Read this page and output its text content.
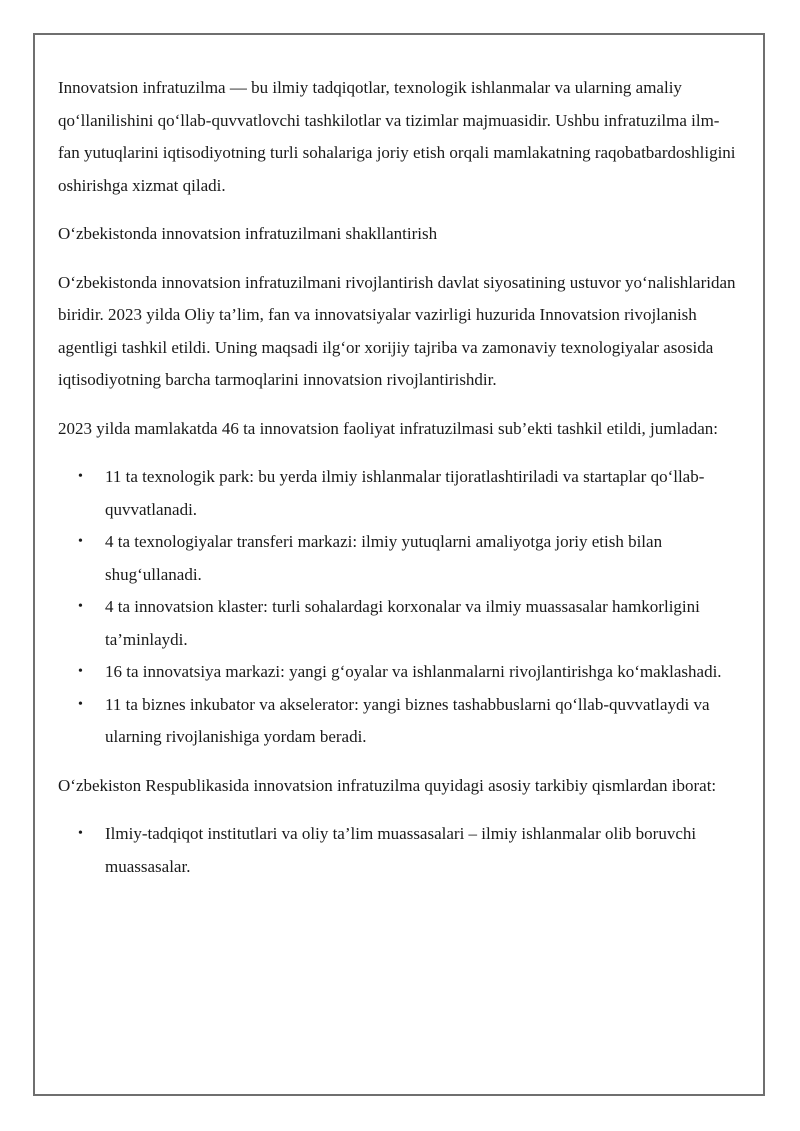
Innovatsion infratuzilma — bu ilmiy tadqiqotlar, texnologik ishlanmalar va ularning amaliy qo‘llanilishini qo‘llab-quvvatlovchi tashkilotlar va tizimlar majmuasidir. Ushbu infratuzilma ilm-fan yutuqlarini iqtisodiyotning turli sohalariga joriy etish orqali mamlakatning raqobatbardoshligini oshirishga xizmat qiladi.

O‘zbekistonda innovatsion infratuzilmani shakllantirish

O‘zbekistonda innovatsion infratuzilmani rivojlantirish davlat siyosatining ustuvor yo‘nalishlaridan biridir. 2023 yilda Oliy ta’lim, fan va innovatsiyalar vazirligi huzurida Innovatsion rivojlanish agentligi tashkil etildi. Uning maqsadi ilg‘or xorijiy tajriba va zamonaviy texnologiyalar asosida iqtisodiyotning barcha tarmoqlarini innovatsion rivojlantirishdir.

2023 yilda mamlakatda 46 ta innovatsion faoliyat infratuzilmasi sub’ekti tashkil etildi, jumladan:

• 11 ta texnologik park: bu yerda ilmiy ishlanmalar tijoratlashtiriladi va startaplar qo‘llab-quvvatlanadi.
• 4 ta texnologiyalar transferi markazi: ilmiy yutuqlarni amaliyotga joriy etish bilan shug‘ullanadi.
• 4 ta innovatsion klaster: turli sohalardagi korxonalar va ilmiy muassasalar hamkorligini ta’minlaydi.
• 16 ta innovatsiya markazi: yangi g‘oyalar va ishlanmalarni rivojlantirishga ko‘maklashadi.
• 11 ta biznes inkubator va akselerator: yangi biznes tashabbuslarni qo‘llab-quvvatlaydi va ularning rivojlanishiga yordam beradi.

O‘zbekiston Respublikasida innovatsion infratuzilma quyidagi asosiy tarkibiy qismlardan iborat:

• Ilmiy-tadqiqot institutlari va oliy ta’lim muassasalari – ilmiy ishlanmalar olib boruvchi muassasalar.
